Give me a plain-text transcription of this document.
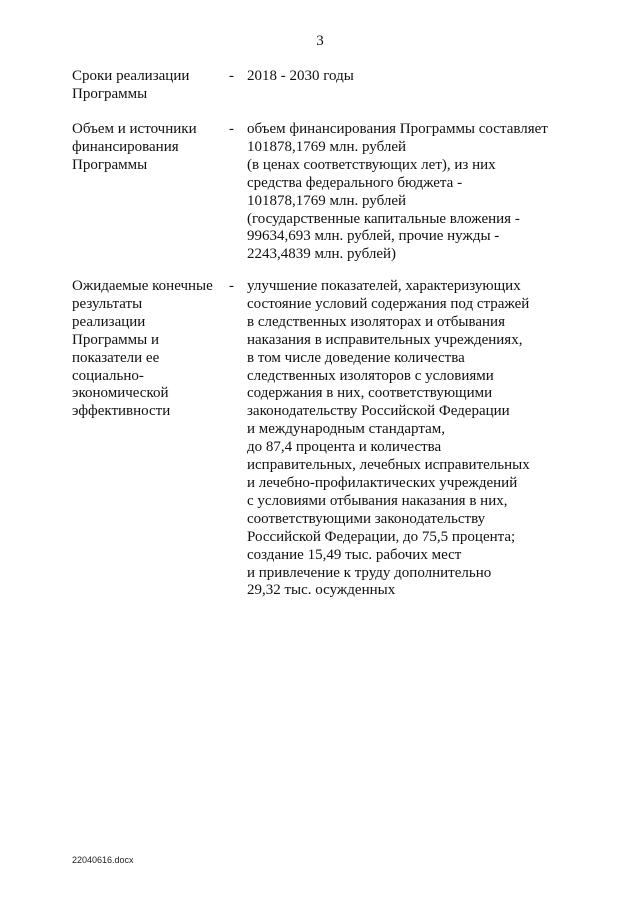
3
Сроки реализации
Программы
- 2018 - 2030 годы
Объем и источники
финансирования
Программы
- объем финансирования Программы составляет
101878,1769 млн. рублей
(в ценах соответствующих лет), из них
средства федерального бюджета -
101878,1769 млн. рублей
(государственные капитальные вложения -
99634,693 млн. рублей, прочие нужды -
2243,4839 млн. рублей)
Ожидаемые конечные
результаты
реализации
Программы и
показатели ее
социально-
экономической
эффективности
- улучшение показателей, характеризующих
состояние условий содержания под стражей
в следственных изоляторах и отбывания
наказания в исправительных учреждениях,
в том числе доведение количества
следственных изоляторов с условиями
содержания в них, соответствующими
законодательству Российской Федерации
и международным стандартам,
до 87,4 процента и количества
исправительных, лечебных исправительных
и лечебно-профилактических учреждений
с условиями отбывания наказания в них,
соответствующими законодательству
Российской Федерации, до 75,5 процента;
создание 15,49 тыс. рабочих мест
и привлечение к труду дополнительно
29,32 тыс. осужденных
22040616.docx
